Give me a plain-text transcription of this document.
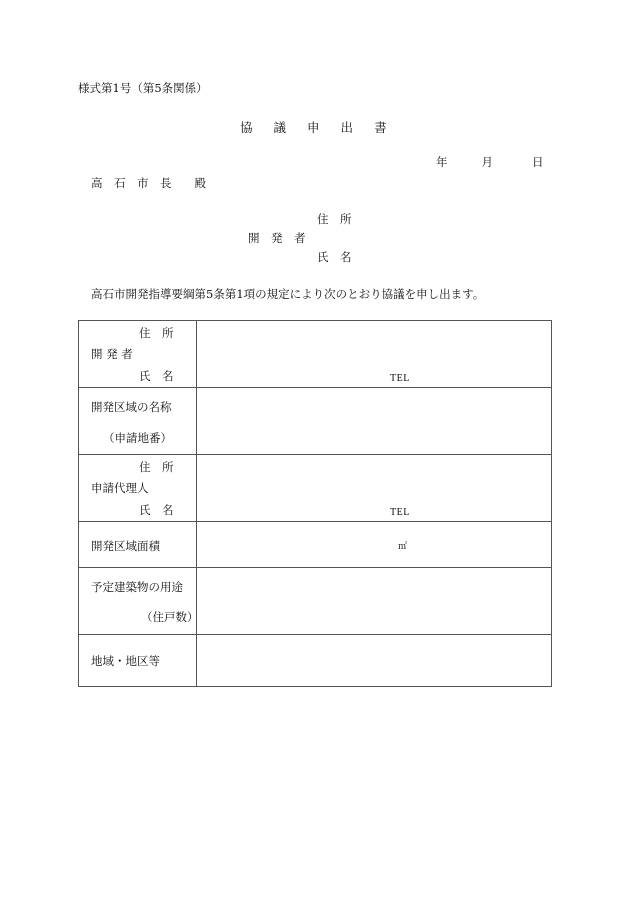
様式第1号（第5条関係）
協 議 申 出 書
年	月	日
高　石　市　長　　殿
住　所
開　発　者
氏　名
高石市開発指導要綱第5条第1項の規定により次のとおり協議を申し出ます。
住　所
開 発 者
氏　名	TEL

開発区域の名称
（申請地番）	

住　所
申請代理人
氏　名	TEL

開発区域面積	㎡

予定建築物の用途
（住戸数）	

地域・地区等	
